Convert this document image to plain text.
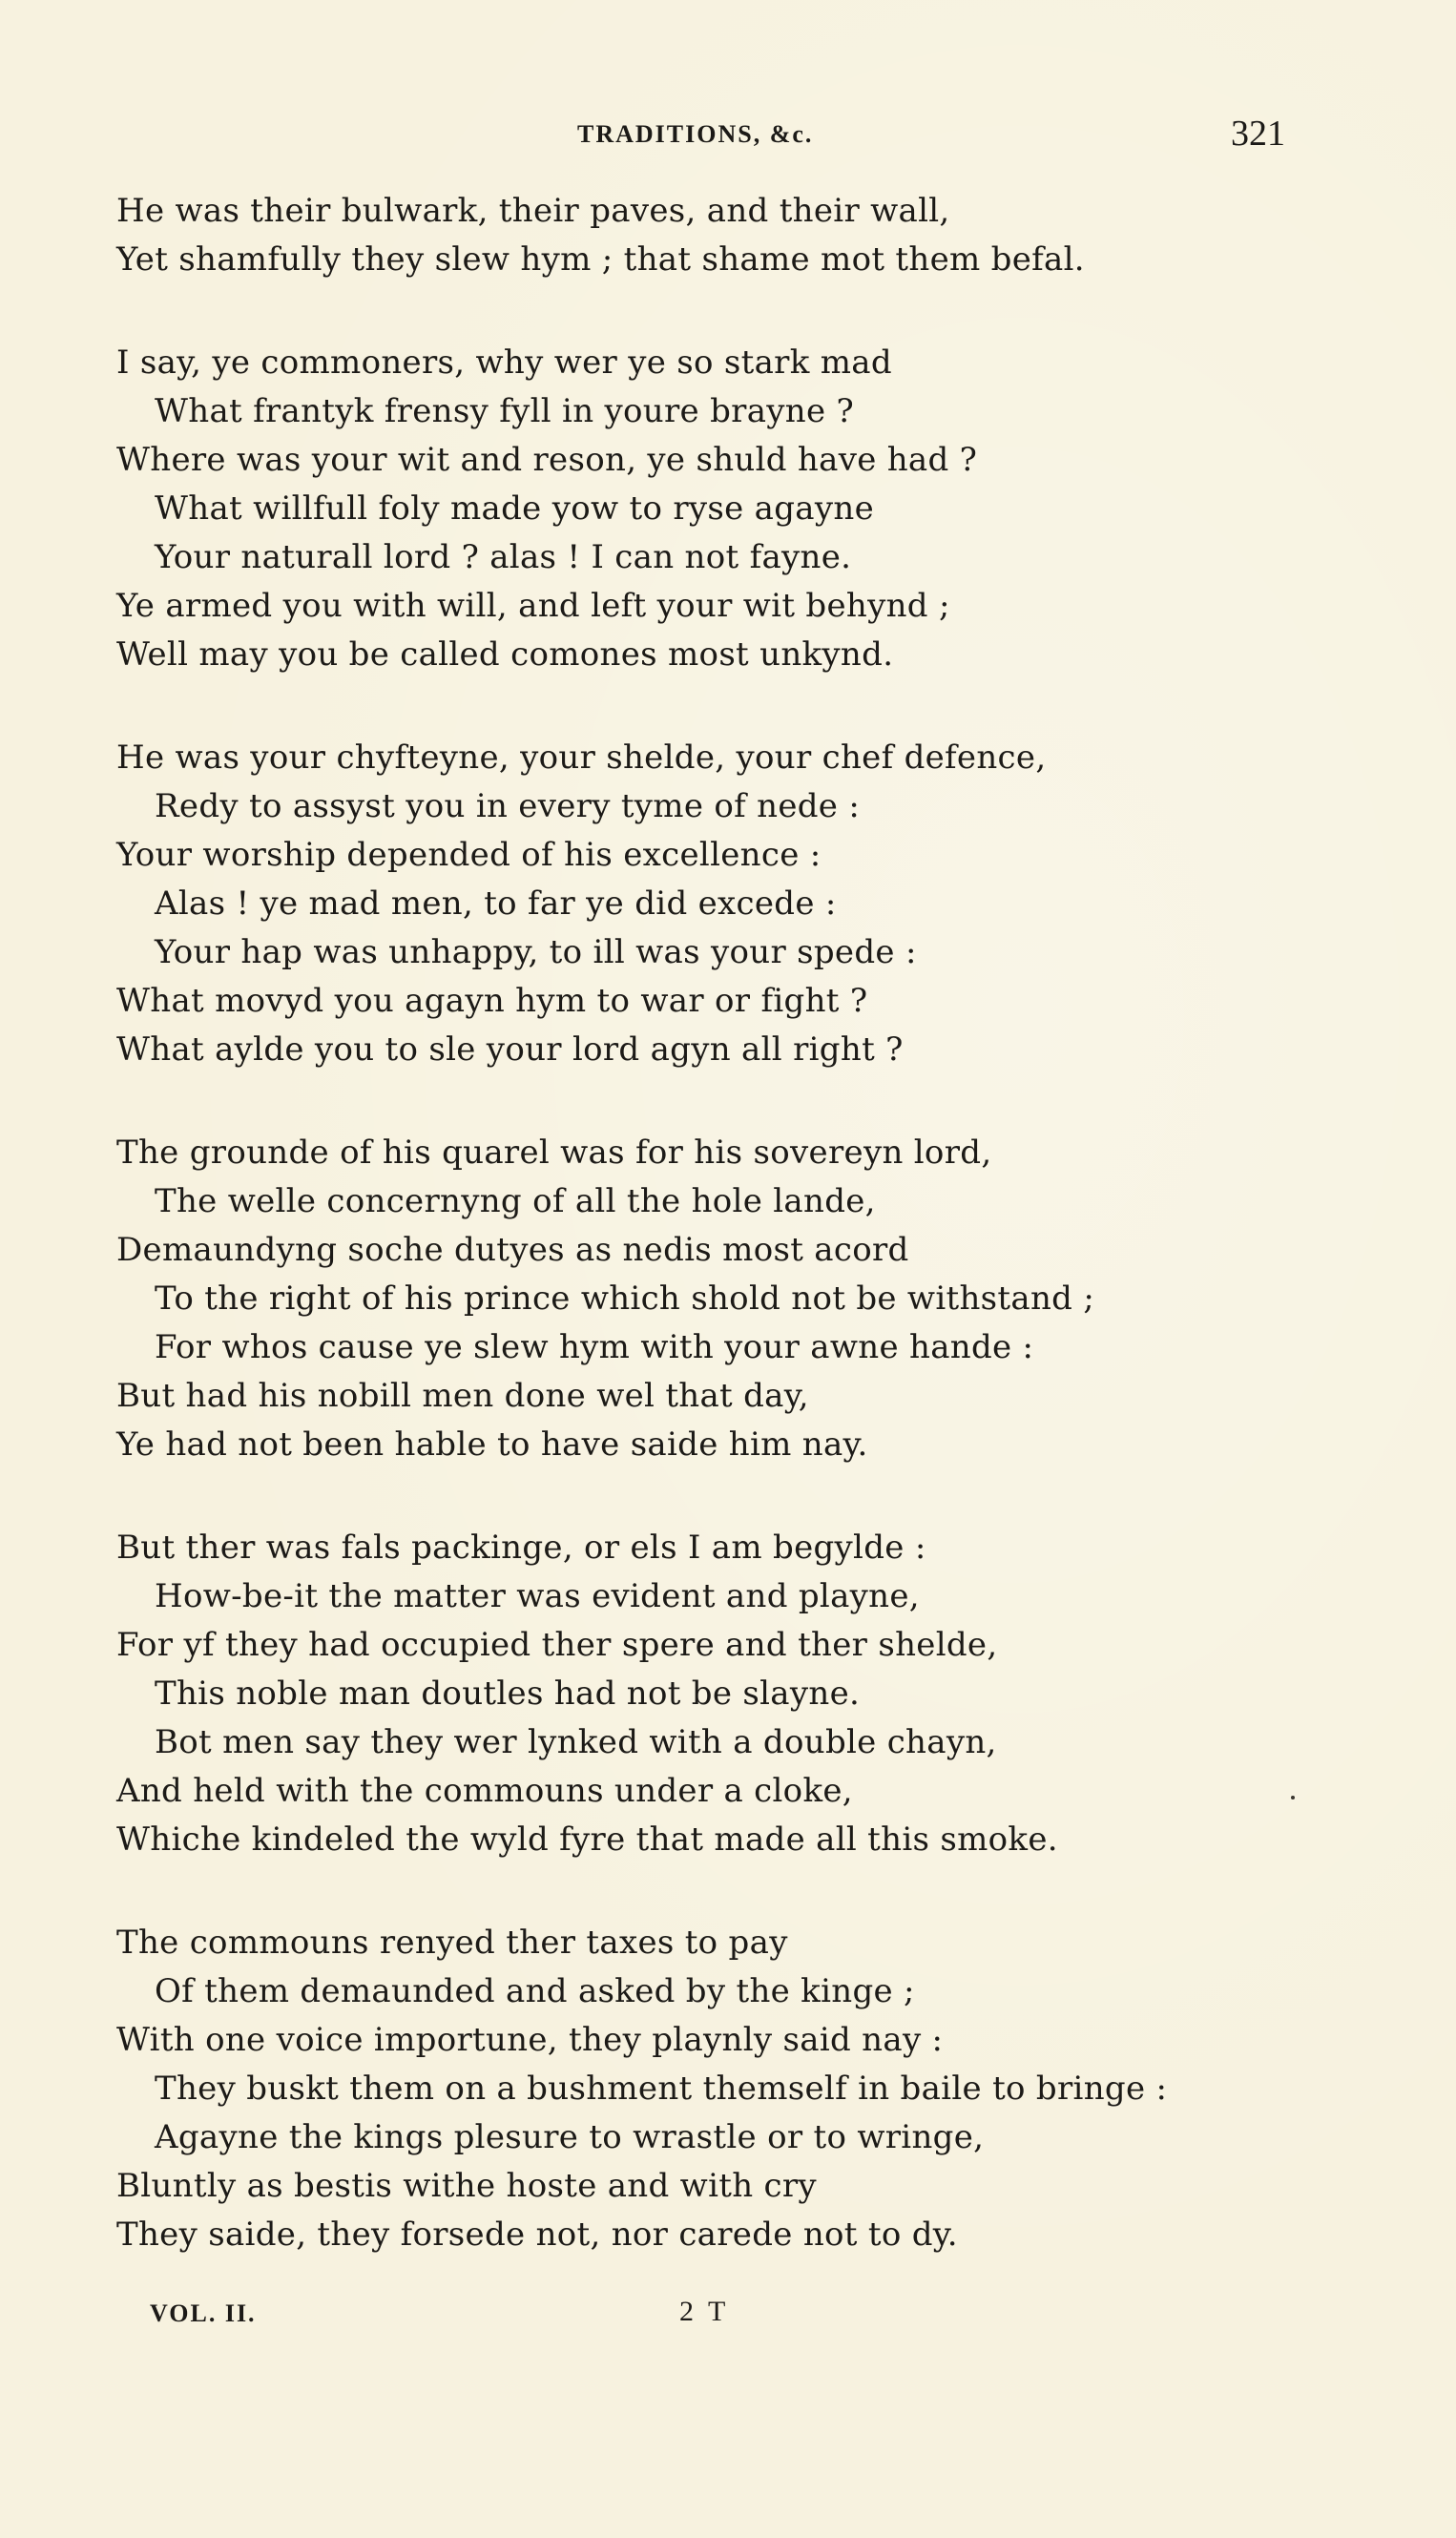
TRADITIONS, &c.	321
He was their bulwark, their paves, and their wall,
Yet shamfully they slew hym ; that shame mot them befal.
I say, ye commoners, why wer ye so stark mad
What frantyk frensy fyll in youre brayne ?
Where was your wit and reson, ye shuld have had ?
What willfull foly made yow to ryse agayne
Your naturall lord ? alas ! I can not fayne.
Ye armed you with will, and left your wit behynd ;
Well may you be called comones most unkynd.
He was your chyfteyne, your shelde, your chef defence,
Redy to assyst you in every tyme of nede :
Your worship depended of his excellence :
Alas ! ye mad men, to far ye did excede :
Your hap was unhappy, to ill was your spede :
What movyd you agayn hym to war or fight ?
What aylde you to sle your lord agyn all right ?
The grounde of his quarel was for his sovereyn lord,
The welle concernyng of all the hole lande,
Demaundyng soche dutyes as nedis most acord
To the right of his prince which shold not be withstand ;
For whos cause ye slew hym with your awne hande :
But had his nobill men done wel that day,
Ye had not been hable to have saide him nay.
But ther was fals packinge, or els I am begylde :
How-be-it the matter was evident and playne,
For yf they had occupied ther spere and ther shelde,
This noble man doutles had not be slayne.
Bot men say they wer lynked with a double chayn,
And held with the commouns under a cloke,
Whiche kindeled the wyld fyre that made all this smoke.
The commouns renyed ther taxes to pay
Of them demaunded and asked by the kinge ;
With one voice importune, they playnly said nay :
They buskt them on a bushment themself in baile to bringe :
Agayne the kings plesure to wrastle or to wringe,
Bluntly as bestis withe hoste and with cry
They saide, they forsede not, nor carede not to dy.
VOL. II.	2 T
